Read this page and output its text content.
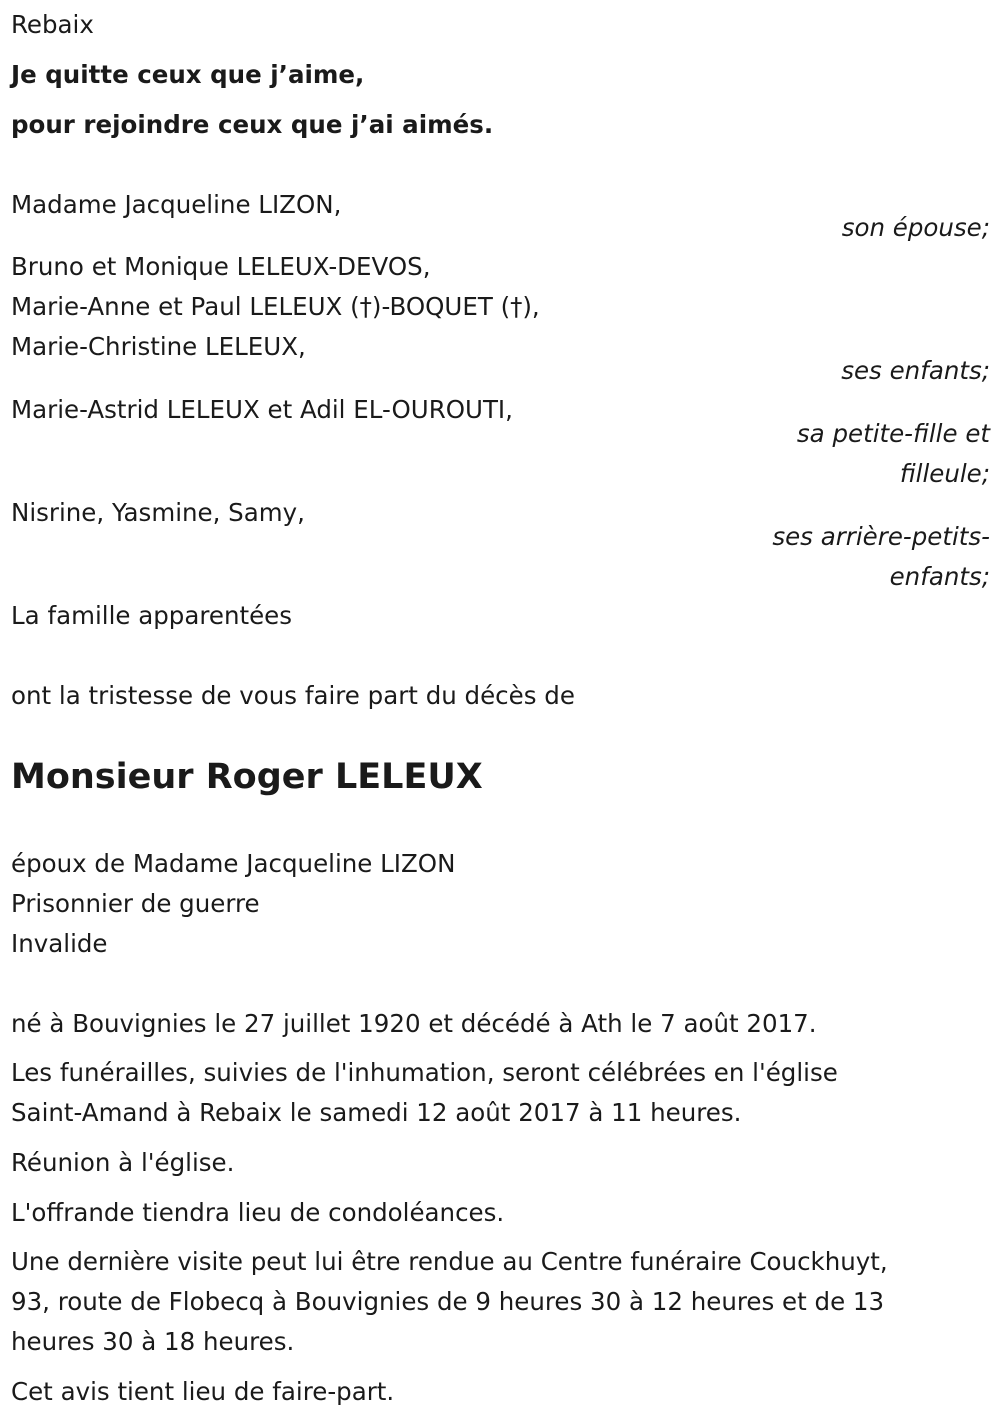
Rebaix
Je quitte ceux que j’aime,
pour rejoindre ceux que j’ai aimés.
Madame Jacqueline LIZON,
son épouse;
Bruno et Monique LELEUX-DEVOS,
Marie-Anne et Paul LELEUX (†)-BOQUET (†),
Marie-Christine LELEUX,
ses enfants;
Marie-Astrid LELEUX et Adil EL-OUROUTI,
sa petite-fille et
filleule;
Nisrine, Yasmine, Samy,
ses arrière-petits-
enfants;
La famille apparentées
ont la tristesse de vous faire part du décès de
Monsieur Roger LELEUX
époux de Madame Jacqueline LIZON
Prisonnier de guerre
Invalide
né à Bouvignies le 27 juillet 1920 et décédé à Ath le 7 août 2017.
Les funérailles, suivies de l'inhumation, seront célébrées en l'église
Saint-Amand à Rebaix le samedi 12 août 2017 à 11 heures.
Réunion à l'église.
L'offrande tiendra lieu de condoléances.
Une dernière visite peut lui être rendue au Centre funéraire Couckhuyt,
93, route de Flobecq à Bouvignies de 9 heures 30 à 12 heures et de 13
heures 30 à 18 heures.
Cet avis tient lieu de faire-part.
